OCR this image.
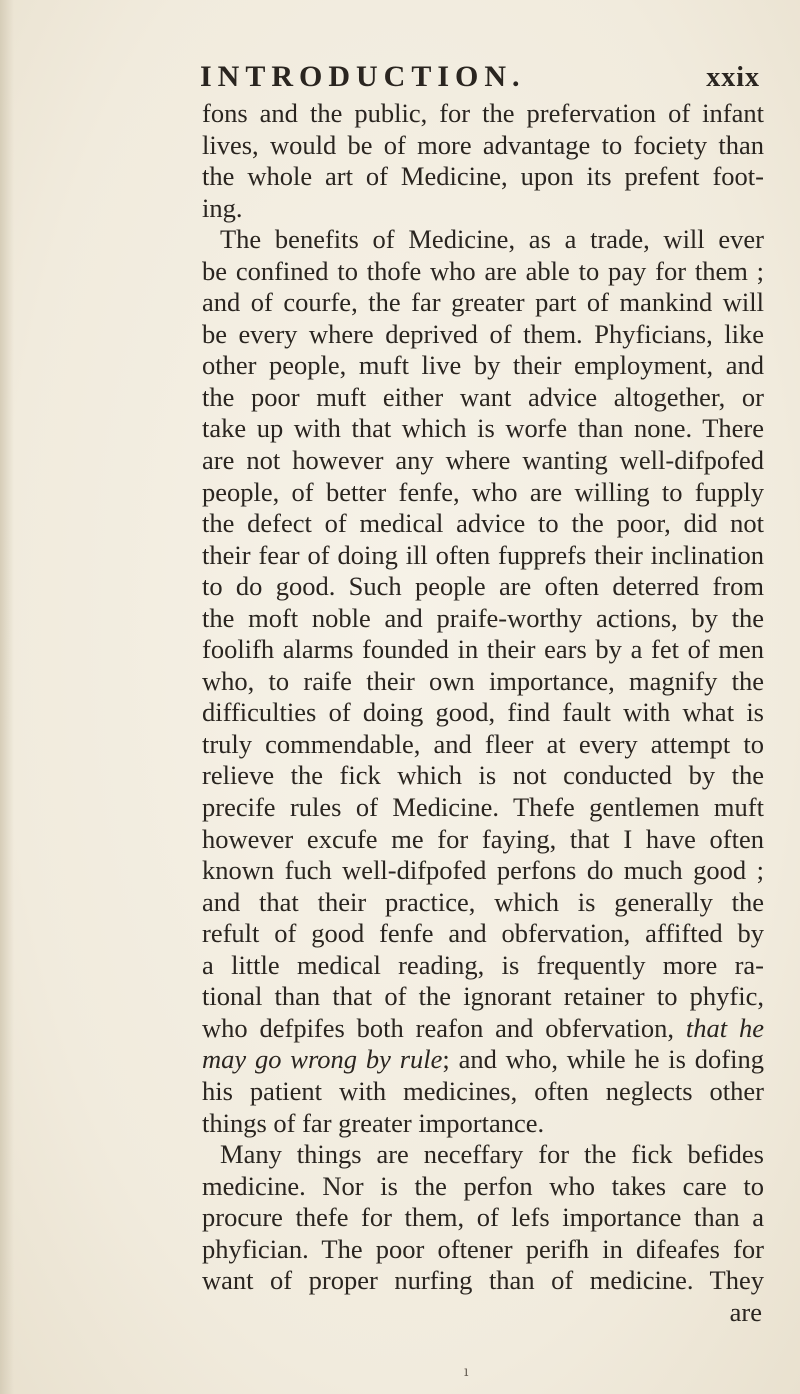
INTRODUCTION.	xxix
fons and the public, for the prefervation of infant
lives, would be of more advantage to fociety than
the whole art of Medicine, upon its prefent foot-
ing.
The benefits of Medicine, as a trade, will ever
be confined to thofe who are able to pay for them ;
and of courfe, the far greater part of mankind will
be every where deprived of them. Phyficians, like
other people, muft live by their employment, and
the poor muft either want advice altogether, or
take up with that which is worfe than none. There
are not however any where wanting well-difpofed
people, of better fenfe, who are willing to fupply
the defect of medical advice to the poor, did not
their fear of doing ill often fupprefs their inclination
to do good. Such people are often deterred from
the moft noble and praife-worthy actions, by the
foolifh alarms founded in their ears by a fet of men
who, to raife their own importance, magnify the
difficulties of doing good, find fault with what is
truly commendable, and fleer at every attempt to
relieve the fick which is not conducted by the
precife rules of Medicine. Thefe gentlemen muft
however excufe me for faying, that I have often
known fuch well-difpofed perfons do much good ;
and that their practice, which is generally the
refult of good fenfe and obfervation, affifted by
a little medical reading, is frequently more ra-
tional than that of the ignorant retainer to phyfic,
who defpifes both reafon and obfervation, that he
may go wrong by rule; and who, while he is dofing
his patient with medicines, often neglects other
things of far greater importance.
Many things are neceffary for the fick befides
medicine. Nor is the perfon who takes care to
procure thefe for them, of lefs importance than a
phyfician. The poor oftener perifh in difeafes for
want of proper nurfing than of medicine. They
are
ı
